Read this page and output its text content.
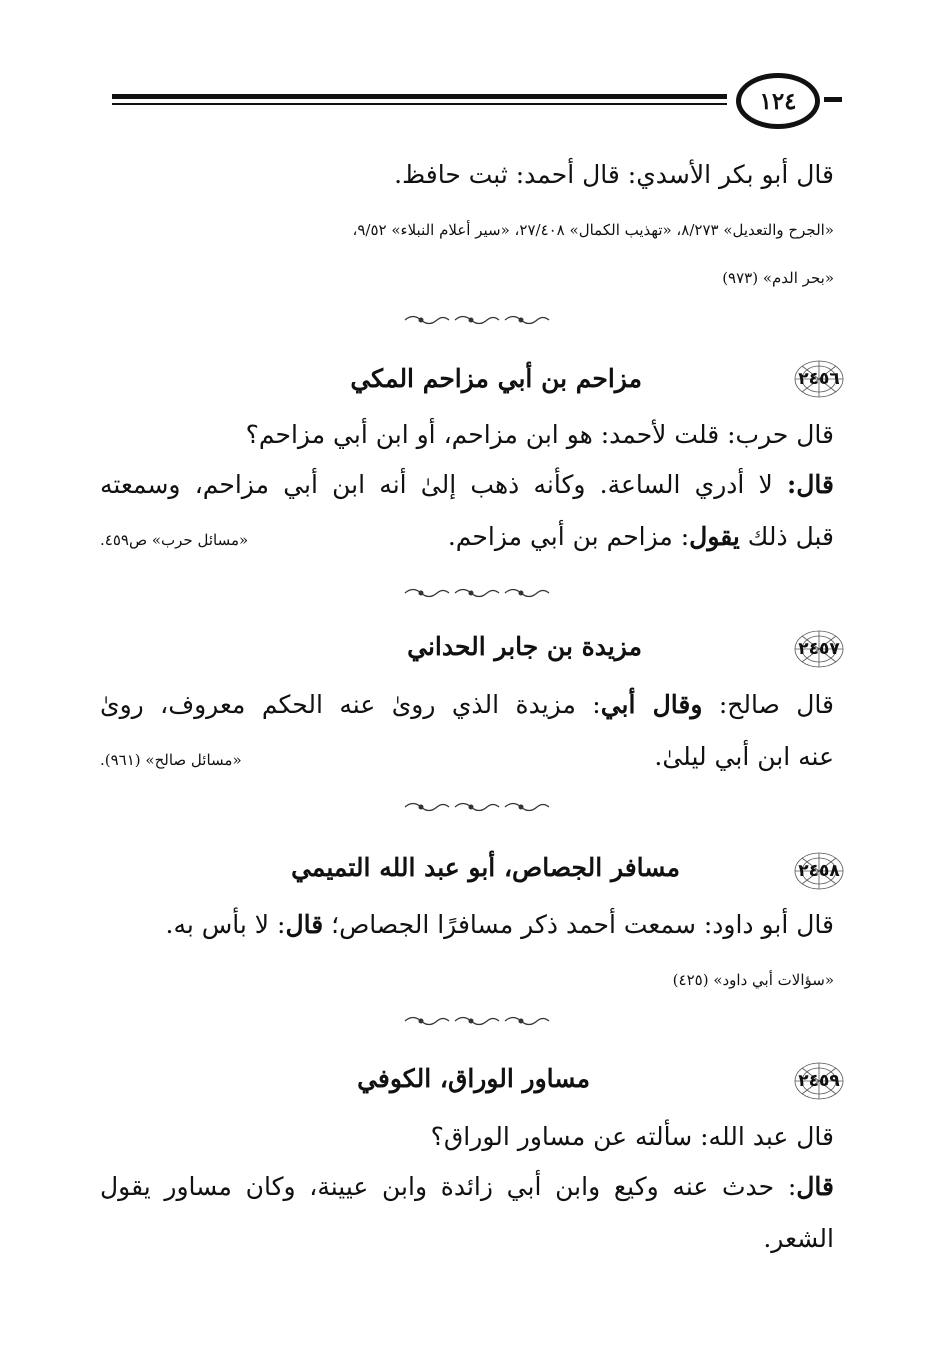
١٢٤
قال أبو بكر الأسدي: قال أحمد: ثبت حافظ.
«الجرح والتعديل» ٨/٢٧٣، «تهذيب الكمال» ٢٧/٤٠٨، «سير أعلام النبلاء» ٩/٥٢،
«بحر الدم» (٩٧٣)
٢٤٥٦
مزاحم بن أبي مزاحم المكي
قال حرب: قلت لأحمد: هو ابن مزاحم، أو ابن أبي مزاحم؟
قال: لا أدري الساعة. وكأنه ذهب إلىٰ أنه ابن أبي مزاحم، وسمعته
قبل ذلك يقول: مزاحم بن أبي مزاحم.
«مسائل حرب» ص٤٥٩.
٢٤٥٧
مزيدة بن جابر الحداني
قال صالح: وقال أبي: مزيدة الذي روىٰ عنه الحكم معروف، روىٰ
عنه ابن أبي ليلىٰ.
«مسائل صالح» (٩٦١).
٢٤٥٨
مسافر الجصاص، أبو عبد الله التميمي
قال أبو داود: سمعت أحمد ذكر مسافرًا الجصاص؛ قال: لا بأس به.
«سؤالات أبي داود» (٤٢٥)
٢٤٥٩
مساور الوراق، الكوفي
قال عبد الله: سألته عن مساور الوراق؟
قال: حدث عنه وكيع وابن أبي زائدة وابن عيينة، وكان مساور يقول
الشعر.
